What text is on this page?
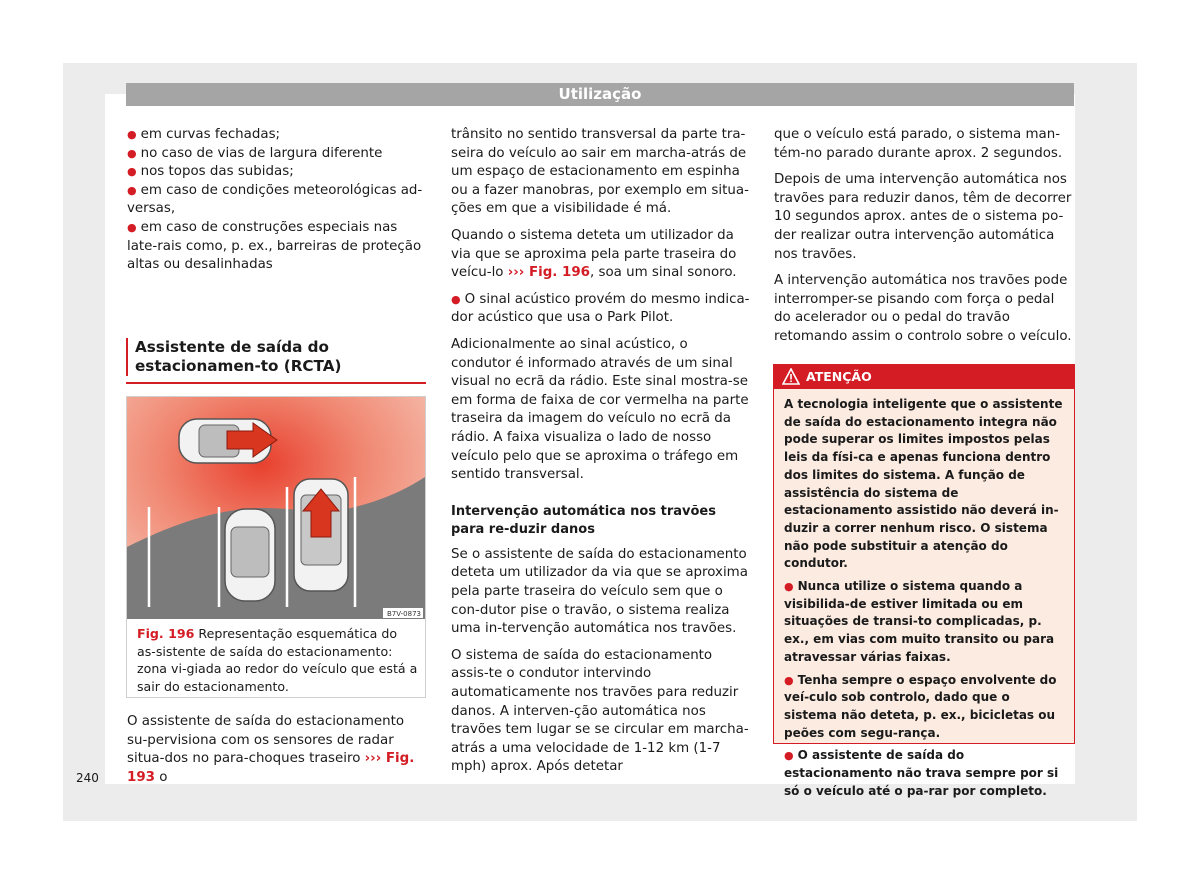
Utilização

● em curvas fechadas;

● no caso de vias de largura diferente

● nos topos das subidas;

● em caso de condições meteorológicas ad-versas,

● em caso de construções especiais nas late-rais como, p. ex., barreiras de proteção altas ou desalinhadas

Assistente de saída do estacionamen-to (RCTA)
B7V-0873
Fig. 196 Representação esquemática do as-sistente de saída do estacionamento: zona vi-giada ao redor do veículo que está a sair do estacionamento.

O assistente de saída do estacionamento su-pervisiona com os sensores de radar situa-dos no para-choques traseiro ››› Fig. 193 o

trânsito no sentido transversal da parte tra-seira do veículo ao sair em marcha-atrás de um espaço de estacionamento em espinha ou a fazer manobras, por exemplo em situa-ções em que a visibilidade é má.

Quando o sistema deteta um utilizador da via que se aproxima pela parte traseira do veícu-lo ››› Fig. 196, soa um sinal sonoro.

● O sinal acústico provém do mesmo indica-dor acústico que usa o Park Pilot.

Adicionalmente ao sinal acústico, o condutor é informado através de um sinal visual no ecrã da rádio. Este sinal mostra-se em forma de faixa de cor vermelha na parte traseira da imagem do veículo no ecrã da rádio. A faixa visualiza o lado de nosso veículo pelo que se aproxima o tráfego em sentido transversal.

Intervenção automática nos travões para re-duzir danos

Se o assistente de saída do estacionamento deteta um utilizador da via que se aproxima pela parte traseira do veículo sem que o con-dutor pise o travão, o sistema realiza uma in-tervenção automática nos travões.

O sistema de saída do estacionamento assis-te o condutor intervindo automaticamente nos travões para reduzir danos. A interven-ção automática nos travões tem lugar se se circular em marcha-atrás a uma velocidade de 1-12 km (1-7 mph) aprox. Após detetar

que o veículo está parado, o sistema man-tém-no parado durante aprox. 2 segundos.

Depois de uma intervenção automática nos travões para reduzir danos, têm de decorrer 10 segundos aprox. antes de o sistema po-der realizar outra intervenção automática nos travões.

A intervenção automática nos travões pode interromper-se pisando com força o pedal do acelerador ou o pedal do travão retomando assim o controlo sobre o veículo.

ATENÇÃO

A tecnologia inteligente que o assistente de saída do estacionamento integra não pode superar os limites impostos pelas leis da físi-ca e apenas funciona dentro dos limites do sistema. A função de assistência do sistema de estacionamento assistido não deverá in-duzir a correr nenhum risco. O sistema não pode substituir a atenção do condutor.

● Nunca utilize o sistema quando a visibilida-de estiver limitada ou em situações de transi-to complicadas, p. ex., em vias com muito transito ou para atravessar várias faixas.

● Tenha sempre o espaço envolvente do veí-culo sob controlo, dado que o sistema não deteta, p. ex., bicicletas ou peões com segu-rança.

● O assistente de saída do estacionamento não trava sempre por si só o veículo até o pa-rar por completo.

240
